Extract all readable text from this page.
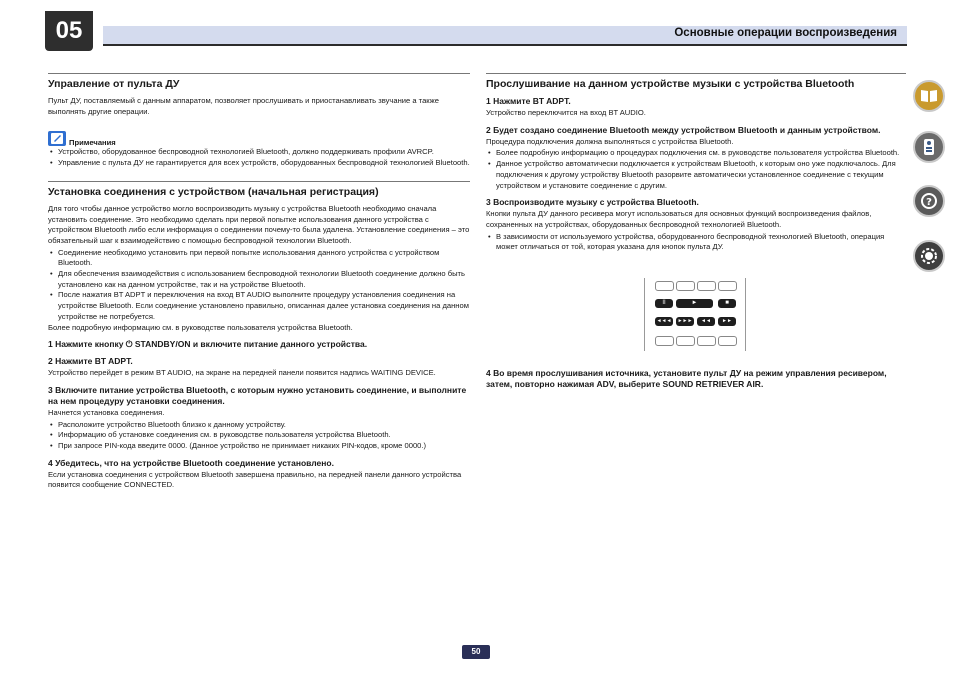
05	Основные операции воспроизведения
Управление от пульта ДУ

Пульт ДУ, поставляемый с данным аппаратом, позволяет прослушивать и приостанавливать звучание а также выполнять другие операции.

Примечания
• Устройство, оборудованное беспроводной технологией Bluetooth, должно поддерживать профили AVRCP.
• Управление с пульта ДУ не гарантируется для всех устройств, оборудованных беспроводной технологией Bluetooth.
Установка соединения с устройством (начальная регистрация)

Для того чтобы данное устройство могло воспроизводить музыку с устройства Bluetooth необходимо сначала установить соединение. Это необходимо сделать при первой попытке использования данного устройства с устройством Bluetooth либо если информация о соединении почему-то была удалена. Установление соединения – это обязательный шаг к взаимодействию с помощью беспроводной технологии Bluetooth.

• Соединение необходимо установить при первой попытке использования данного устройства с устройством Bluetooth.
• Для обеспечения взаимодействия с использованием беспроводной технологии Bluetooth соединение должно быть установлено как на данном устройстве, так и на устройстве Bluetooth.
• После нажатия BT ADPT и переключения на вход BT AUDIO выполните процедуру установления соединения на устройстве Bluetooth. Если соединение установлено правильно, описанная далее установка соединения на данном устройстве не потребуется.

Более подробную информацию см. в руководстве пользователя устройства Bluetooth.

1 Нажмите кнопку ⏻ STANDBY/ON и включите питание данного устройства.
2 Нажмите BT ADPT.

Устройство перейдет в режим BT AUDIO, на экране на передней панели появится надпись WAITING DEVICE.

3 Включите питание устройства Bluetooth, с которым нужно установить соединение, и выполните на нем процедуру установки соединения.

Начнется установка соединения.

• Расположите устройство Bluetooth близко к данному устройству.
• Информацию об установке соединения см. в руководстве пользователя устройства Bluetooth.
• При запросе PIN-кода введите 0000. (Данное устройство не принимает никаких PIN-кодов, кроме 0000.)
4 Убедитесь, что на устройстве Bluetooth соединение установлено.

Если установка соединения с устройством Bluetooth завершена правильно, на передней панели данного устройства появится сообщение CONNECTED.

Прослушивание на данном устройстве музыки с устройства Bluetooth
1 Нажмите BT ADPT.

Устройство переключится на вход BT AUDIO.

2 Будет создано соединение Bluetooth между устройством Bluetooth и данным устройством.

Процедура подключения должна выполняться с устройства Bluetooth.

• Более подробную информацию о процедурах подключения см. в руководстве пользователя устройства Bluetooth.
• Данное устройство автоматически подключается к устройствам Bluetooth, к которым оно уже подключалось. Для подключения к другому устройству Bluetooth разорвите автоматически установленное соединение с текущим устройством и установите соединение с другим.
3 Воспроизводите музыку с устройства Bluetooth.

Кнопки пульта ДУ данного ресивера могут использоваться для основных функций воспроизведения файлов, сохраненных на устройствах, оборудованных беспроводной технологией Bluetooth.

• В зависимости от используемого устройства, оборудованного беспроводной технологией Bluetooth, операция может отличаться от той, которая указана для кнопок пульта ДУ.
II	►	■
◄◄◄	►►►	◄◄	►►
4 Во время прослушивания источника, установите пульт ДУ на режим управления ресивером, затем, повторно нажимая ADV, выберите SOUND RETRIEVER AIR.
?
50
